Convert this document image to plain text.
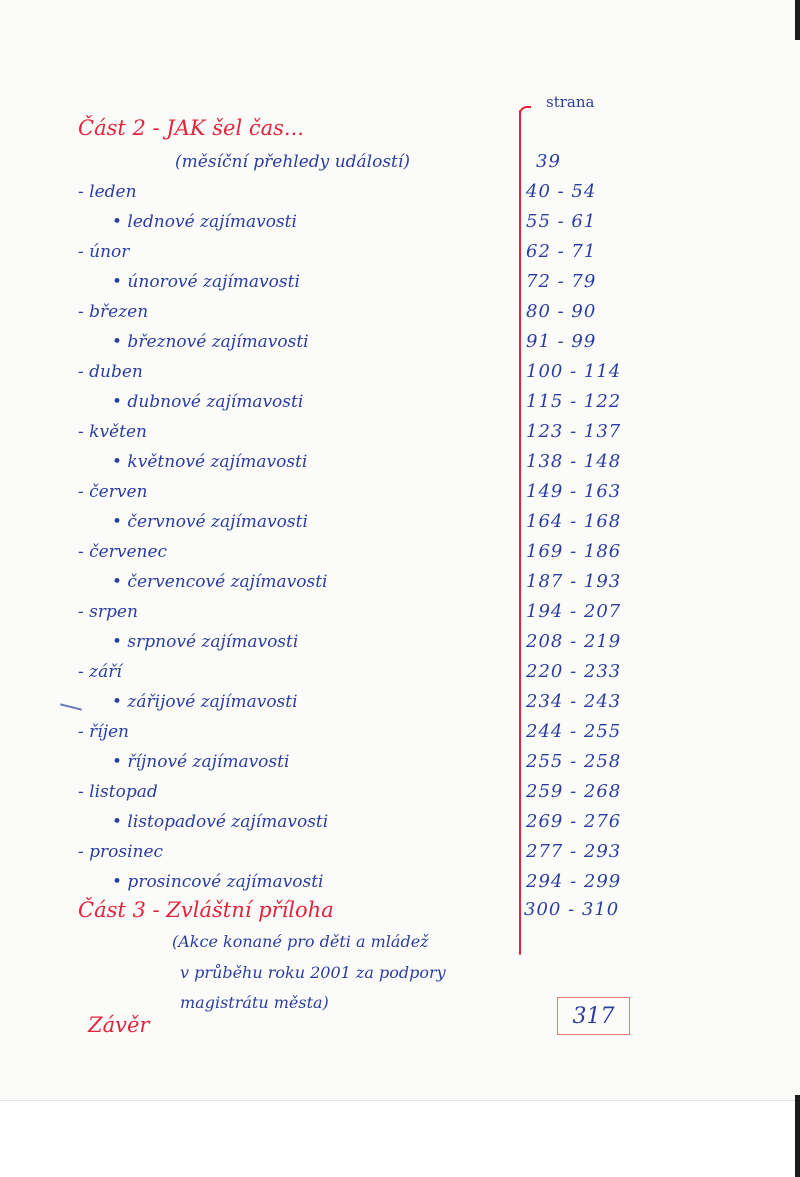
strana
Část 2 - JAK šel čas...
(měsíční přehledy událostí)	39
- leden	40 - 54
• lednové zajímavosti	55 - 61
- únor	62 - 71
• únorové zajímavosti	72 - 79
- březen	80 - 90
• březnové zajímavosti	91 - 99
- duben	100 - 114
• dubnové zajímavosti	115 - 122
- květen	123 - 137
• květnové zajímavosti	138 - 148
- červen	149 - 163
• červnové zajímavosti	164 - 168
- červenec	169 - 186
• červencové zajímavosti	187 - 193
- srpen	194 - 207
• srpnové zajímavosti	208 - 219
- září	220 - 233
• zářijové zajímavosti	234 - 243
- říjen	244 - 255
• říjnové zajímavosti	255 - 258
- listopad	259 - 268
• listopadové zajímavosti	269 - 276
- prosinec	277 - 293
• prosincové zajímavosti	294 - 299
Část 3 - Zvláštní příloha	300 - 310
(Akce konané pro děti a mládež
v průběhu roku 2001 za podpory
magistrátu města)
Závěr	317
